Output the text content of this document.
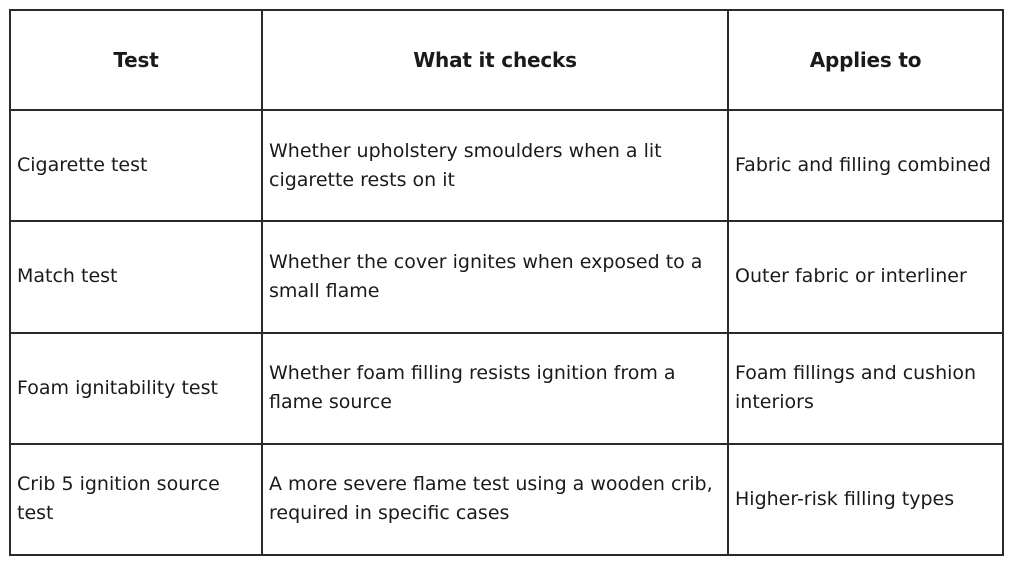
Test	What it checks	Applies to
Cigarette test	Whether upholstery smoulders when a lit cigarette rests on it	Fabric and filling combined
Match test	Whether the cover ignites when exposed to a small flame	Outer fabric or interliner
Foam ignitability test	Whether foam filling resists ignition from a flame source	Foam fillings and cushion interiors
Crib 5 ignition source test	A more severe flame test using a wooden crib, required in specific cases	Higher-risk filling types
